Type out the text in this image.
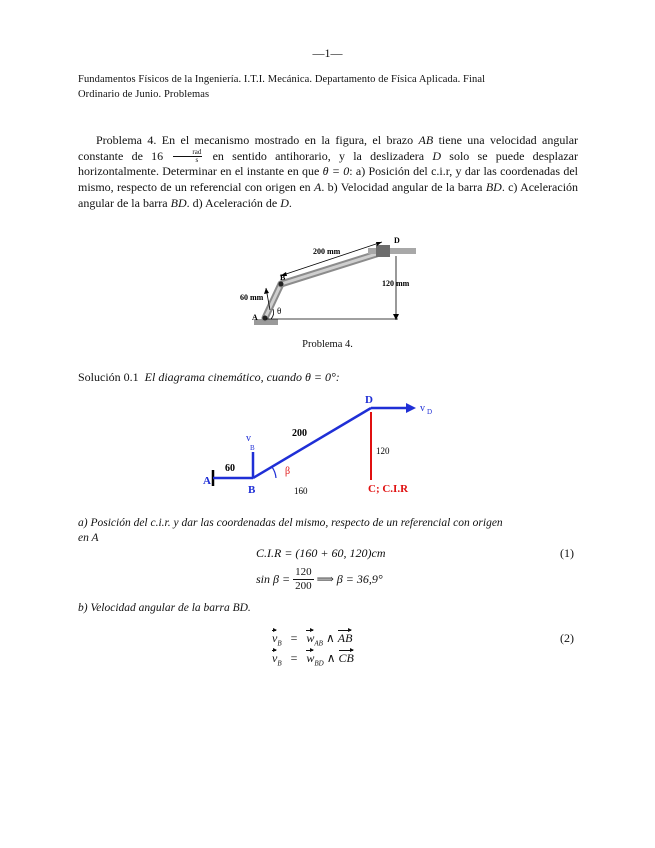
—1—
Fundamentos Físicos de la Ingeniería. I.T.I. Mecánica. Departamento de Física Aplicada. Final
Ordinario de Junio. Problemas
Problema 4. En el mecanismo mostrado en la figura, el brazo AB tiene una velocidad angular constante de $16 \frac{\text{rad}}{s}$ en sentido antihorario, y la deslizadera D solo se puede desplazar horizontalmente. Determinar en el instante en que θ = 0: a) Posición del c.i.r, y dar las coordenadas del mismo, respecto de un referencial con origen en A. b) Velocidad angular de la barra BD. c) Aceleración angular de la barra BD. d) Aceleración de D.
200 mm
120 mm
60 mm
B
D
A
θ
Problema 4.
Solución 0.1 El diagrama cinemático, cuando θ = 0°:
D
v D
v
B
200
120
60
A
B
β
160	C; C.I.R
a) Posición del c.i.r. y dar las coordenadas del mismo, respecto de un referencial con origen
en A
C.I.R = (160 + 60, 120)cm	(1)
$\sin \beta = \frac{120}{200}$ ⟹ β = 36,9°
b) Velocidad angular de la barra BD.
$v_B = w_{AB}$ ∧ AB	(2)
$v_B = w_{BD}$ ∧ CB
